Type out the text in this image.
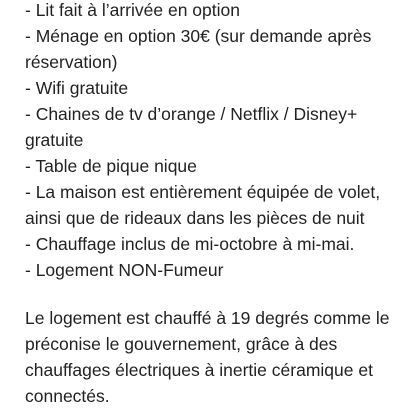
- Lit fait à l’arrivée en option
- Ménage en option 30€ (sur demande après réservation)
- Wifi gratuite
- Chaines de tv d’orange / Netflix / Disney+ gratuite
- Table de pique nique
- La maison est entièrement équipée de volet, ainsi que de rideaux dans les pièces de nuit
- Chauffage inclus de mi-octobre à mi-mai.
- Logement NON-Fumeur

Le logement est chauffé à 19 degrés comme le préconise le gouvernement, grâce à des chauffages électriques à inertie céramique et connectés.
